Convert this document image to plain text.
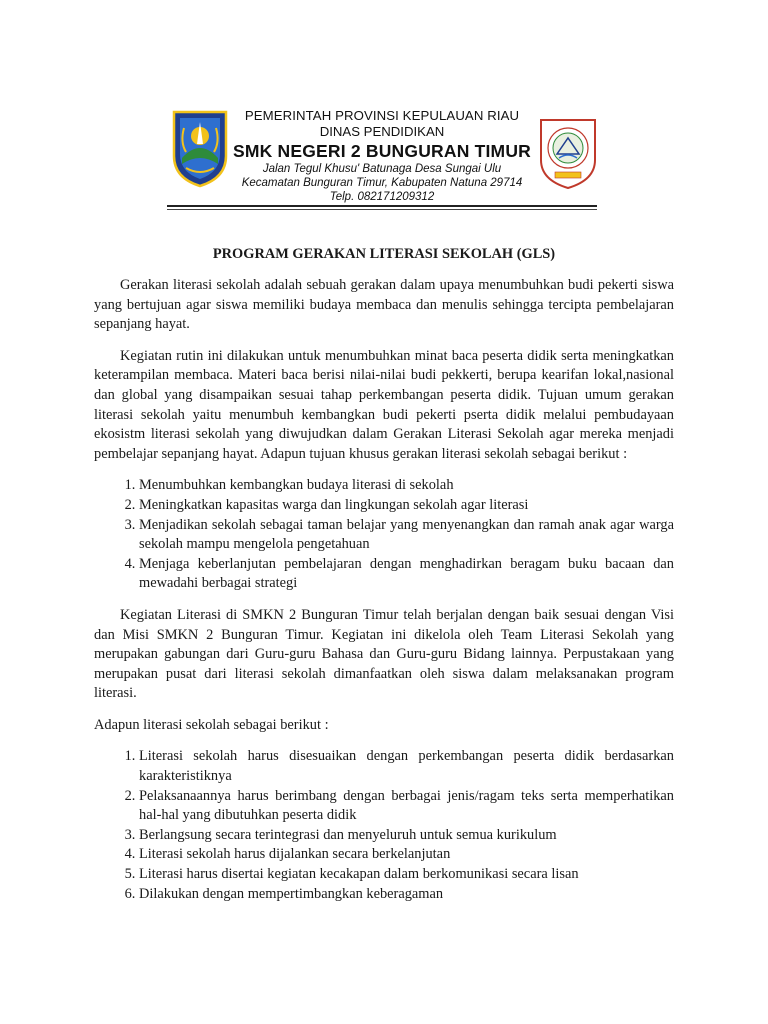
PEMERINTAH PROVINSI KEPULAUAN RIAU
DINAS PENDIDIKAN
SMK NEGERI 2 BUNGURAN TIMUR
Jalan Tegul Khusu' Batunaga Desa Sungai Ulu
Kecamatan Bunguran Timur, Kabupaten Natuna 29714
Telp. 082171209312
PROGRAM GERAKAN LITERASI SEKOLAH (GLS)

Gerakan literasi sekolah adalah sebuah gerakan dalam upaya menumbuhkan budi pekerti siswa yang bertujuan agar siswa memiliki budaya membaca dan menulis sehingga tercipta pembelajaran sepanjang hayat.

Kegiatan rutin ini dilakukan untuk menumbuhkan minat baca peserta didik serta meningkatkan keterampilan membaca. Materi baca berisi nilai-nilai budi pekkerti, berupa kearifan lokal,nasional dan global yang disampaikan sesuai tahap perkembangan peserta didik. Tujuan umum gerakan literasi sekolah yaitu menumbuh kembangkan budi pekerti pserta didik melalui pembudayaan ekosistm literasi sekolah yang diwujudkan dalam Gerakan Literasi Sekolah agar mereka menjadi pembelajar sepanjang hayat. Adapun tujuan khusus gerakan literasi sekolah sebagai berikut :

1. Menumbuhkan kembangkan budaya literasi di sekolah
2. Meningkatkan kapasitas warga dan lingkungan sekolah agar literasi
3. Menjadikan sekolah sebagai taman belajar yang menyenangkan dan ramah anak agar warga sekolah mampu mengelola pengetahuan
4. Menjaga keberlanjutan pembelajaran dengan menghadirkan beragam buku bacaan dan mewadahi berbagai strategi

Kegiatan Literasi di SMKN 2 Bunguran Timur telah berjalan dengan baik sesuai dengan Visi dan Misi SMKN 2 Bunguran Timur. Kegiatan ini dikelola oleh Team Literasi Sekolah yang merupakan gabungan dari Guru-guru Bahasa dan Guru-guru Bidang lainnya. Perpustakaan yang merupakan pusat dari literasi sekolah dimanfaatkan oleh siswa dalam melaksanakan program literasi.

Adapun literasi sekolah sebagai berikut :

1. Literasi sekolah harus disesuaikan dengan perkembangan peserta didik berdasarkan karakteristiknya
2. Pelaksanaannya harus berimbang dengan berbagai jenis/ragam teks serta memperhatikan hal-hal yang dibutuhkan peserta didik
3. Berlangsung secara terintegrasi dan menyeluruh untuk semua kurikulum
4. Literasi sekolah harus dijalankan secara berkelanjutan
5. Literasi harus disertai kegiatan kecakapan dalam berkomunikasi secara lisan
6. Dilakukan dengan mempertimbangkan keberagaman
